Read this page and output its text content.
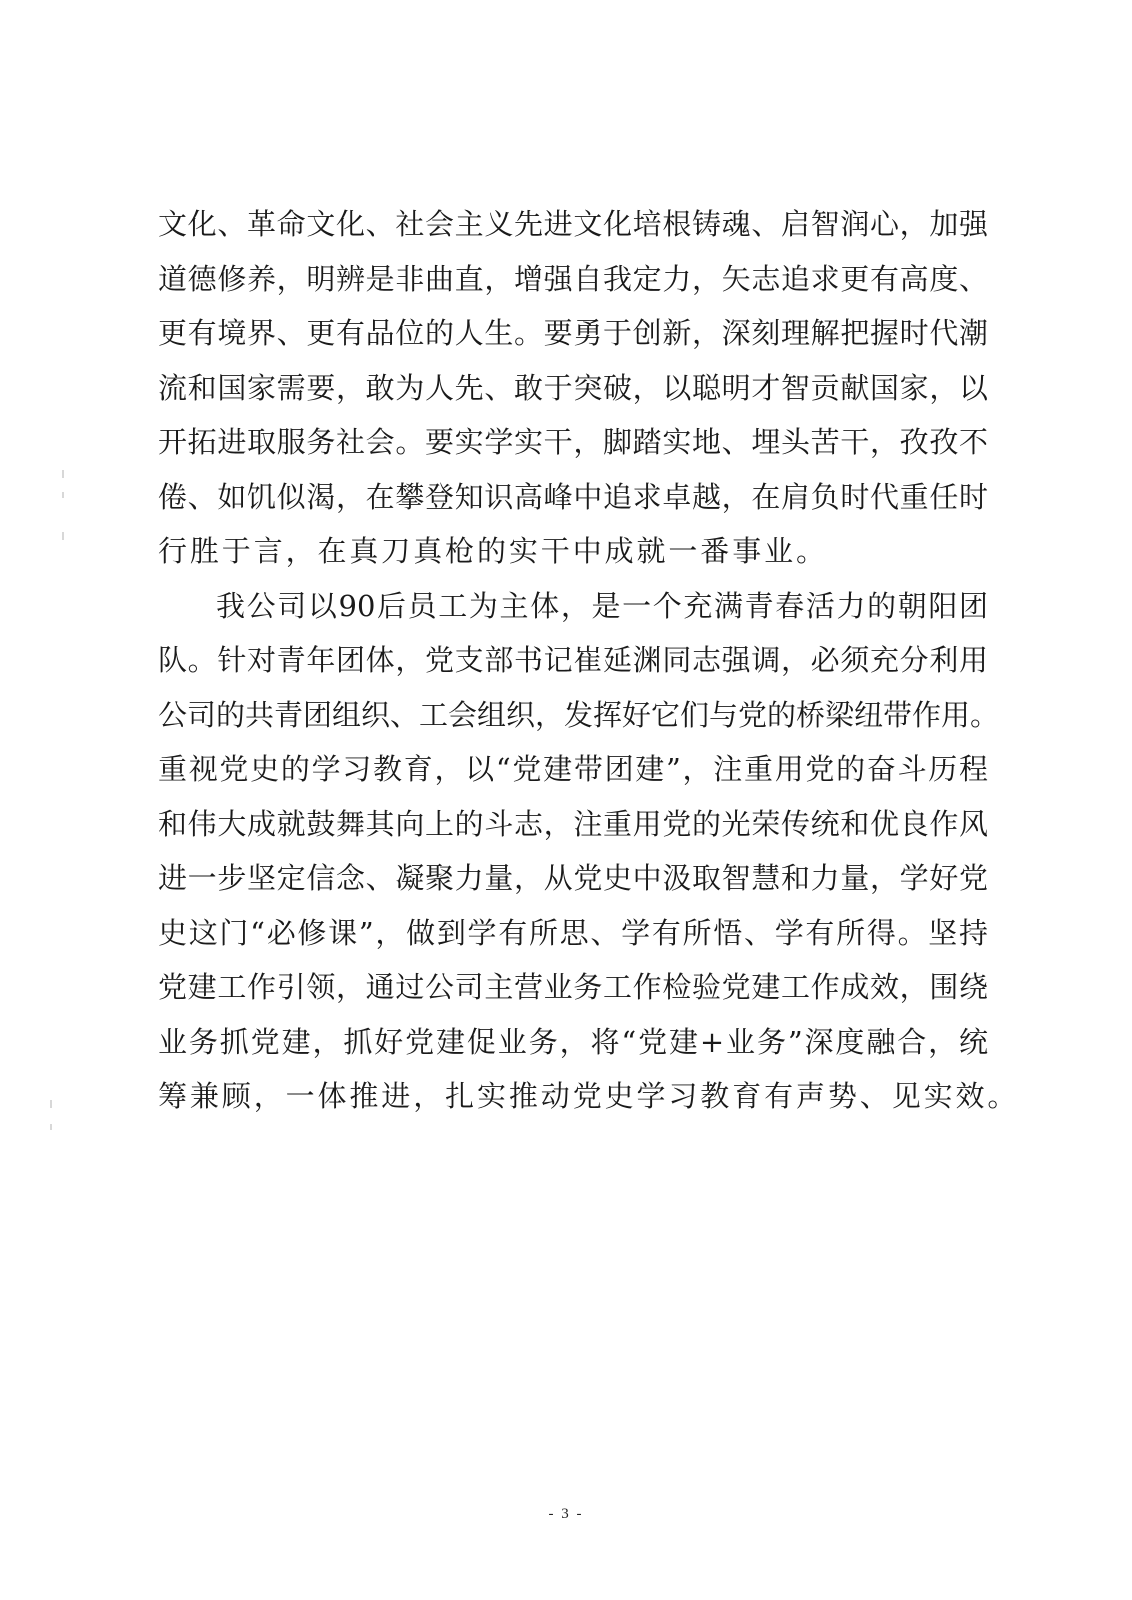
文化、革命文化、社会主义先进文化培根铸魂、启智润心，加强
道德修养，明辨是非曲直，增强自我定力，矢志追求更有高度、
更有境界、更有品位的人生。要勇于创新，深刻理解把握时代潮
流和国家需要，敢为人先、敢于突破，以聪明才智贡献国家，以
开拓进取服务社会。要实学实干，脚踏实地、埋头苦干，孜孜不
倦、如饥似渴，在攀登知识高峰中追求卓越，在肩负时代重任时
行胜于言，在真刀真枪的实干中成就一番事业。
我公司以90后员工为主体，是一个充满青春活力的朝阳团
队。针对青年团体，党支部书记崔延渊同志强调，必须充分利用
公司的共青团组织、工会组织，发挥好它们与党的桥梁纽带作用。
重视党史的学习教育，以“党建带团建”，注重用党的奋斗历程
和伟大成就鼓舞其向上的斗志，注重用党的光荣传统和优良作风
进一步坚定信念、凝聚力量，从党史中汲取智慧和力量，学好党
史这门“必修课”，做到学有所思、学有所悟、学有所得。坚持
党建工作引领，通过公司主营业务工作检验党建工作成效，围绕
业务抓党建，抓好党建促业务，将“党建+业务”深度融合，统
筹兼顾，一体推进，扎实推动党史学习教育有声势、见实效。
- 3 -
